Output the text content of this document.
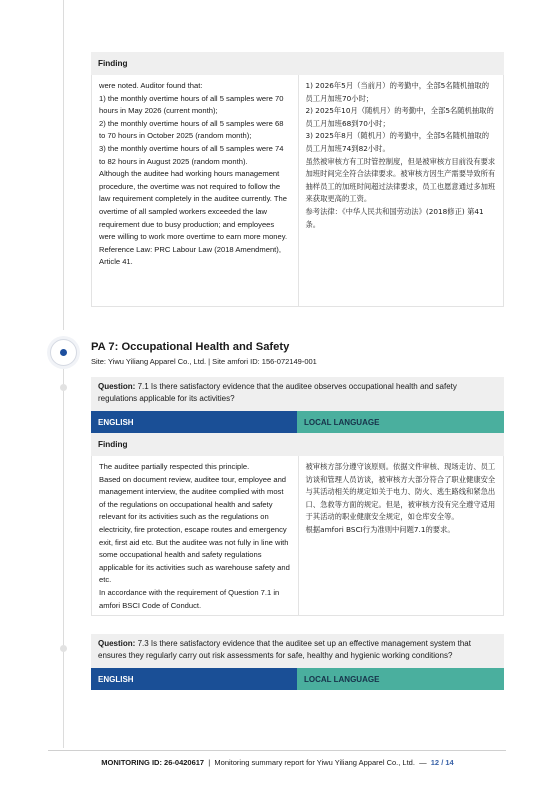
Finding
were noted. Auditor found that:
1) the monthly overtime hours of all 5 samples were 70 hours in May 2026 (current month);
2) the monthly overtime hours of all 5 samples were 68 to 70 hours in October 2025 (random month);
3) the monthly overtime hours of all 5 samples were 74 to 82 hours in August 2025 (random month).
Although the auditee had working hours management procedure, the overtime was not required to follow the law requirement completely in the auditee currently. The overtime of all sampled workers exceeded the law requirement due to busy production; and employees were willing to work more overtime to earn more money.
Reference Law: PRC Labour Law (2018 Amendment), Article 41.
1) 2026年5月（当前月）的考勤中，全部5名随机抽取的员工月加班70小时；
2) 2025年10月（随机月）的考勤中，全部5名随机抽取的员工月加班68到70小时；
3) 2025年8月（随机月）的考勤中，全部5名随机抽取的员工月加班74到82小时。
虽然被审核方有工时管控制度，但是被审核方目前没有要求加班时间完全符合法律要求。被审核方因生产需要导致所有抽样员工的加班时间超过法律要求，员工也愿意通过多加班来获取更高的工资。
参考法律：《中华人民共和国劳动法》(2018修正) 第41条。
PA 7: Occupational Health and Safety
Site: Yiwu Yiliang Apparel Co., Ltd. | Site amfori ID: 156-072149-001
Question: 7.1 Is there satisfactory evidence that the auditee observes occupational health and safety regulations applicable for its activities?
ENGLISH	LOCAL LANGUAGE
Finding
The auditee partially respected this principle.
Based on document review, auditee tour, employee and management interview, the auditee complied with most of the regulations on occupational health and safety relevant for its activities such as the regulations on electricity, fire protection, escape routes and emergency exit, first aid etc. But the auditee was not fully in line with some occupational health and safety regulations applicable for its activities such as warehouse safety and etc.
In accordance with the requirement of Question 7.1 in amfori BSCI Code of Conduct.
被审核方部分遵守该原则。依据文件审核、现场走访、员工访谈和管理人员访谈，被审核方大部分符合了职业健康安全与其活动相关的规定如关于电力、防火、逃生路线和紧急出口、急救等方面的规定。但是，被审核方没有完全遵守适用于其活动的职业健康安全规定，如仓库安全等。
根据amfori BSCI行为准则中问题7.1的要求。
Question: 7.3 Is there satisfactory evidence that the auditee set up an effective management system that ensures they regularly carry out risk assessments for safe, healthy and hygienic working conditions?
ENGLISH	LOCAL LANGUAGE
MONITORING ID: 26-0420617  |  Monitoring summary report for Yiwu Yiliang Apparel Co., Ltd.  —  12 / 14
